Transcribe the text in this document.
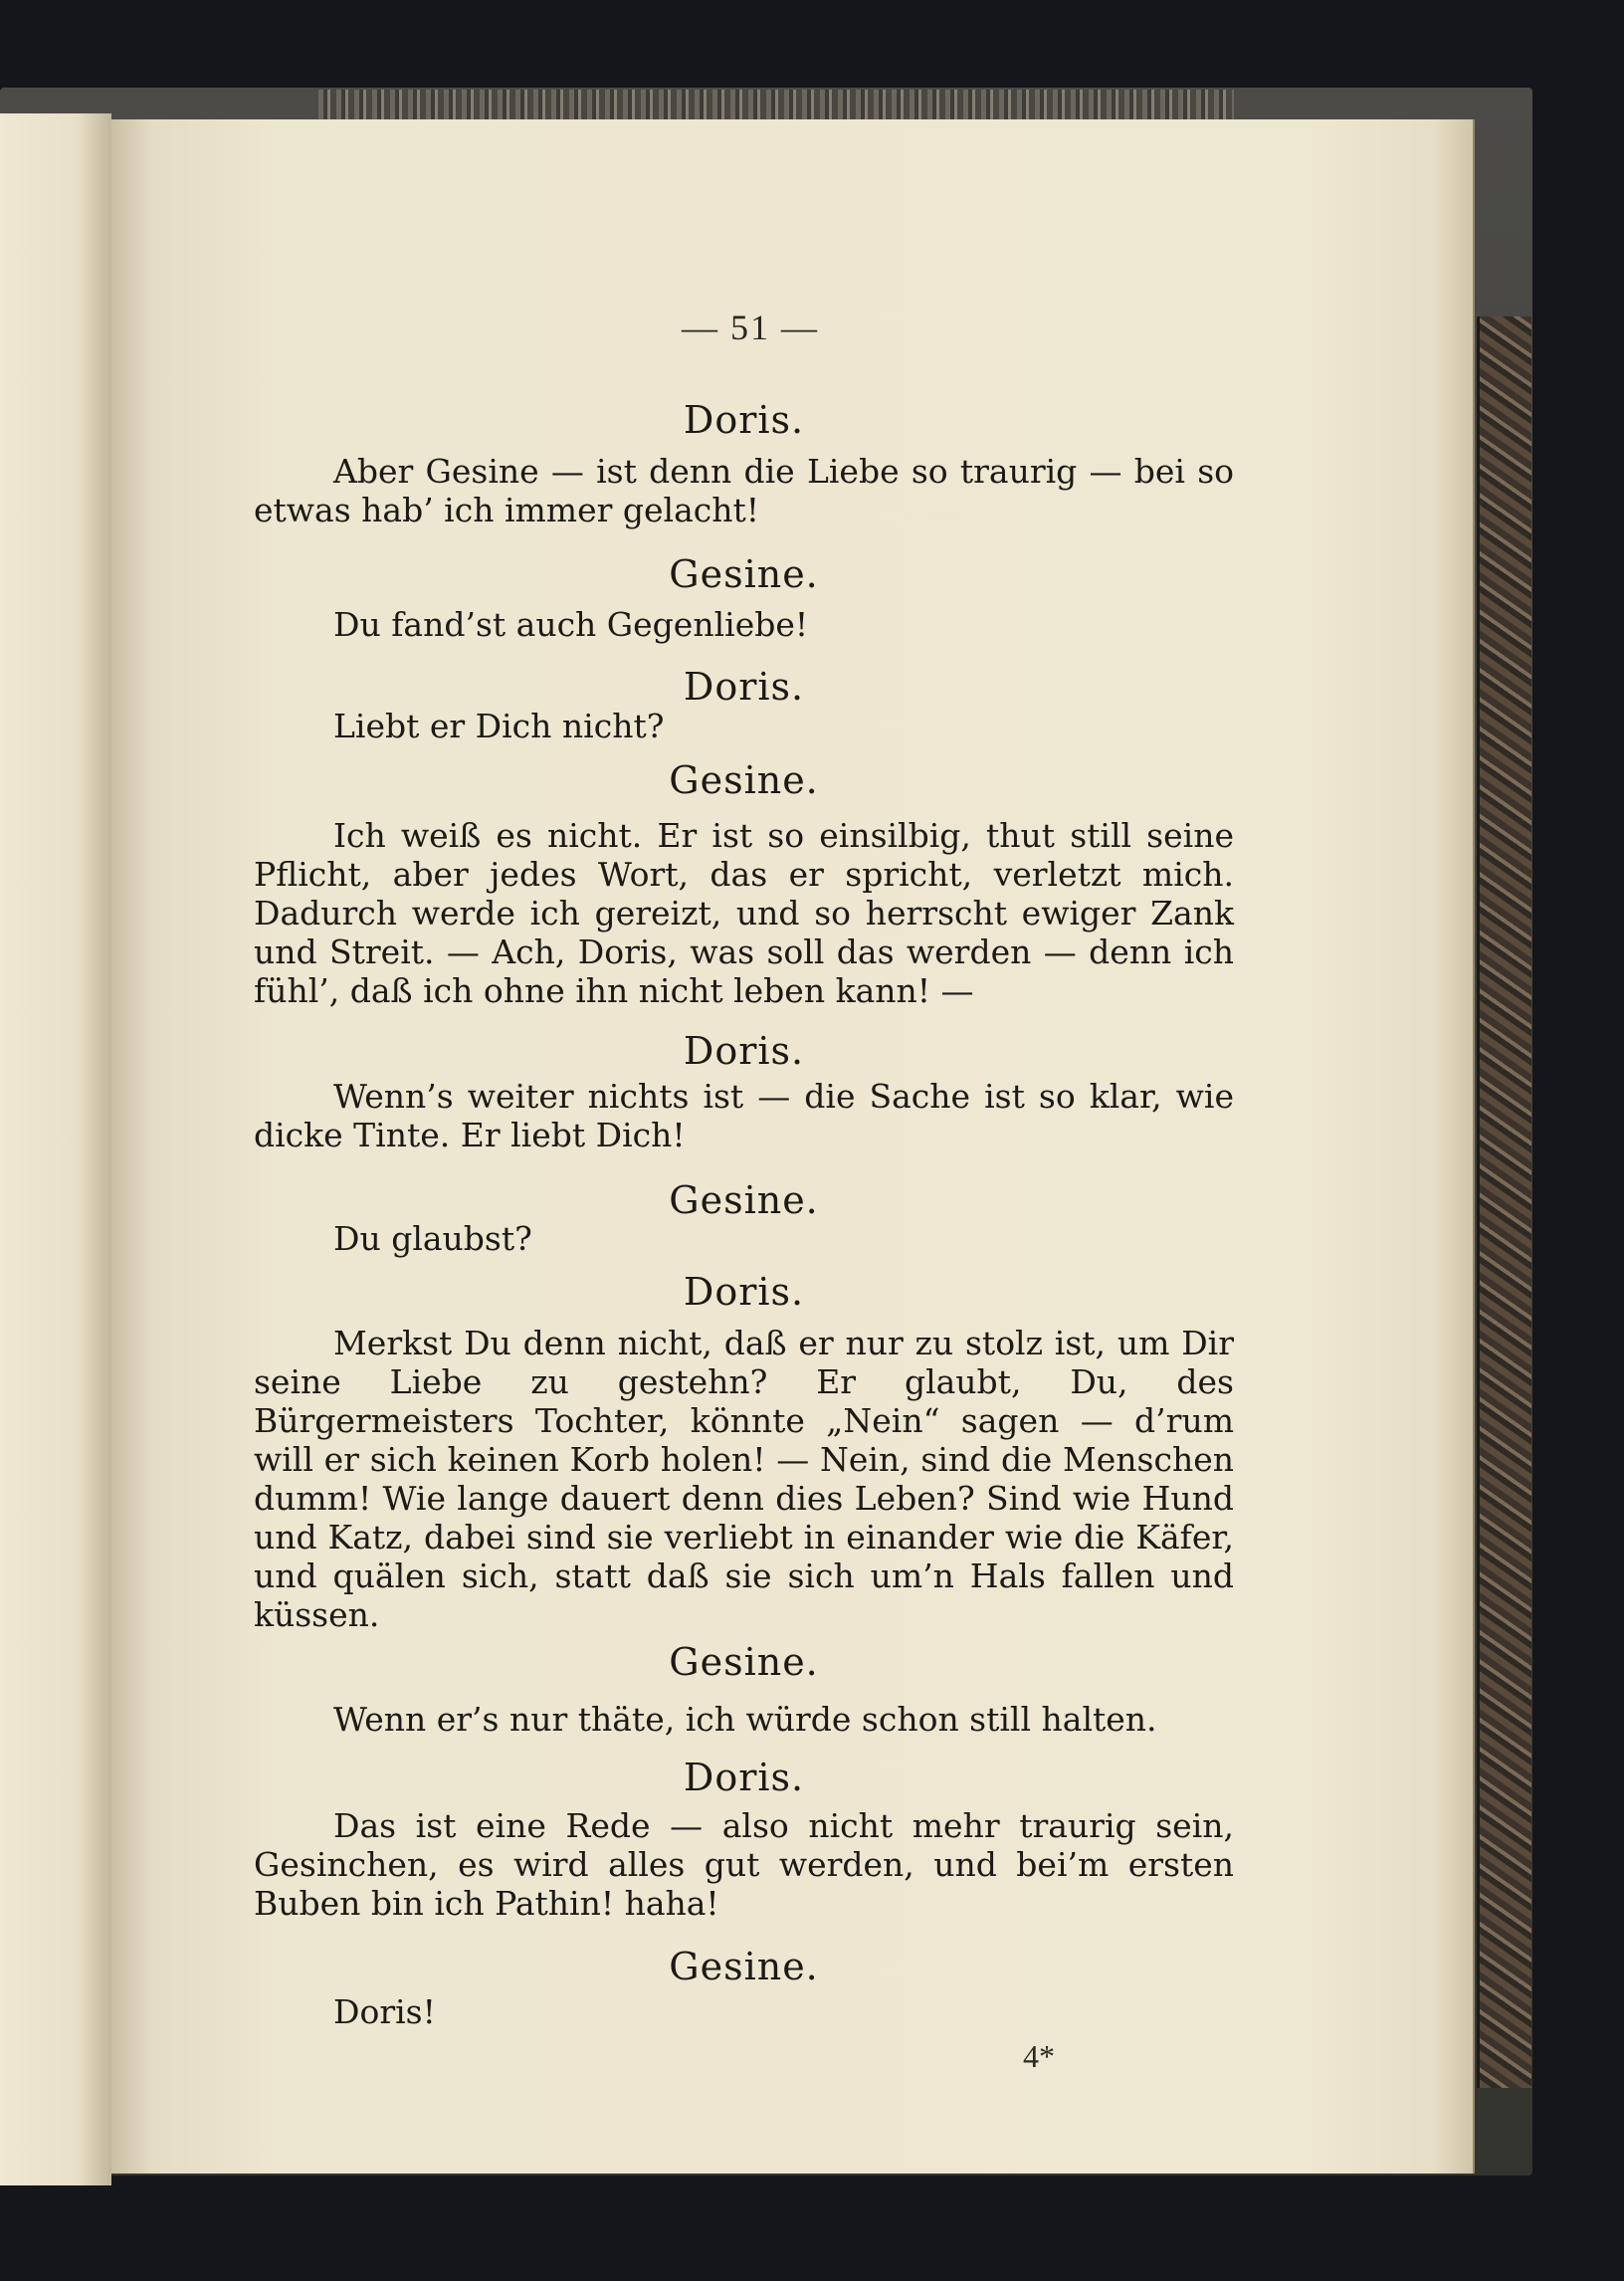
— 51 —
Doris.
Aber Gesine — ist denn die Liebe so traurig — bei so etwas hab’ ich immer gelacht!
Gesine.
Du fand’st auch Gegenliebe!
Doris.
Liebt er Dich nicht?
Gesine.
Ich weiß es nicht. Er ist so einsilbig, thut still seine Pflicht, aber jedes Wort, das er spricht, verletzt mich. Dadurch werde ich gereizt, und so herrscht ewiger Zank und Streit. — Ach, Doris, was soll das werden — denn ich fühl’, daß ich ohne ihn nicht leben kann! —
Doris.
Wenn’s weiter nichts ist — die Sache ist so klar, wie dicke Tinte. Er liebt Dich!
Gesine.
Du glaubst?
Doris.
Merkst Du denn nicht, daß er nur zu stolz ist, um Dir seine Liebe zu gestehn? Er glaubt, Du, des Bürgermeisters Tochter, könnte „Nein“ sagen — d’rum will er sich keinen Korb holen! — Nein, sind die Menschen dumm! Wie lange dauert denn dies Leben? Sind wie Hund und Katz, dabei sind sie verliebt in einander wie die Käfer, und quälen sich, statt daß sie sich um’n Hals fallen und küssen.
Gesine.
Wenn er’s nur thäte, ich würde schon still halten.
Doris.
Das ist eine Rede — also nicht mehr traurig sein, Gesinchen, es wird alles gut werden, und bei’m ersten Buben bin ich Pathin! haha!
Gesine.
Doris!
4*
